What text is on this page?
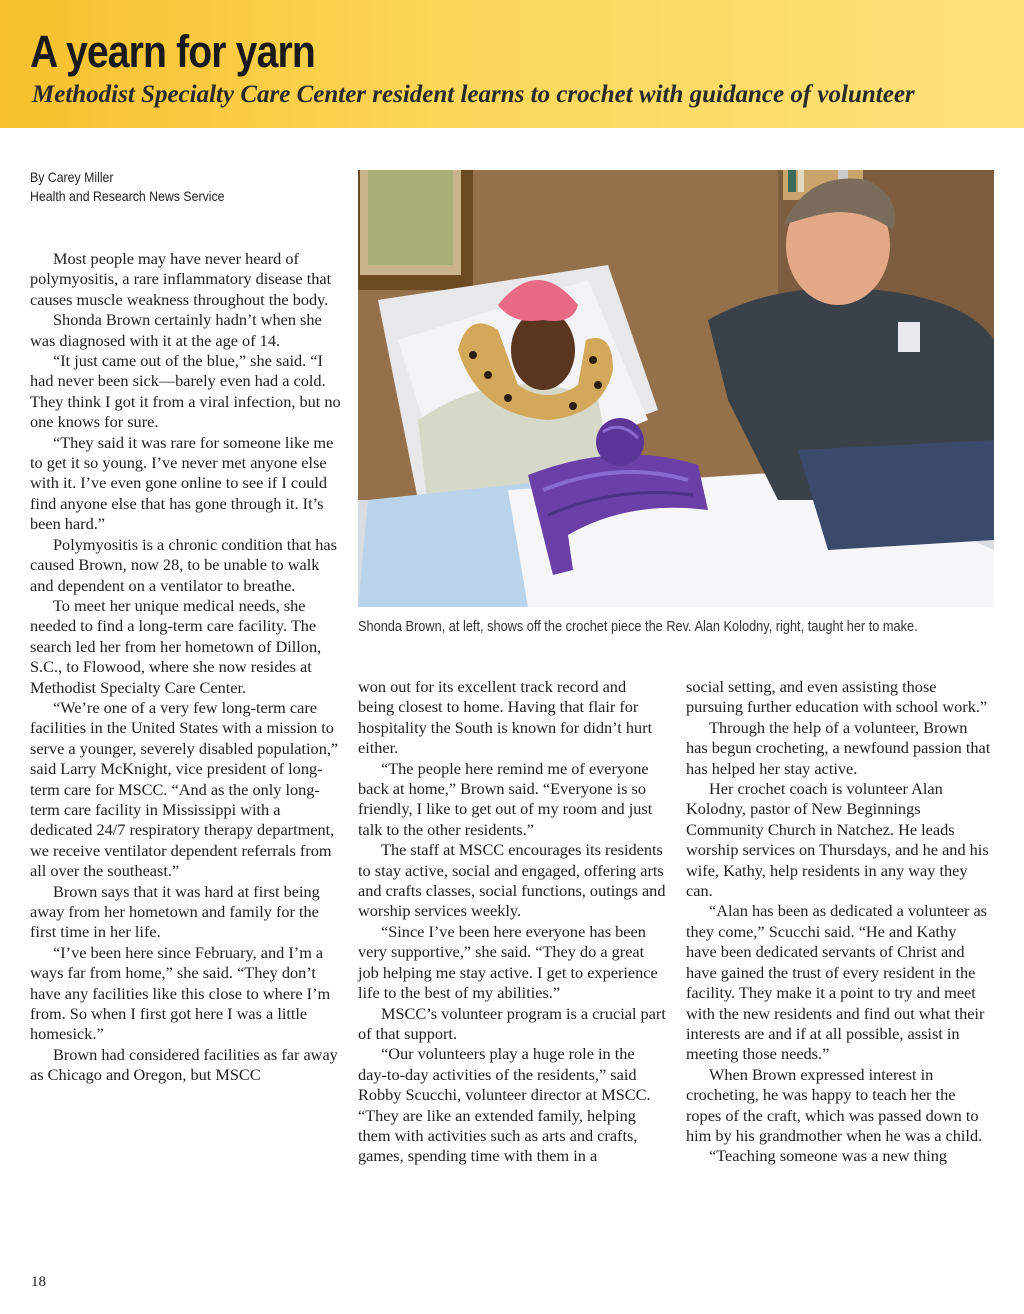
A yearn for yarn
Methodist Specialty Care Center resident learns to crochet with guidance of volunteer
By Carey Miller
Health and Research News Service

Most people may have never heard of polymyositis, a rare inflammatory disease that causes muscle weakness throughout the body.

Shonda Brown certainly hadn’t when she was diagnosed with it at the age of 14.

“It just came out of the blue,” she said. “I had never been sick—barely even had a cold. They think I got it from a viral infection, but no one knows for sure.

“They said it was rare for someone like me to get it so young. I’ve never met anyone else with it. I’ve even gone online to see if I could find anyone else that has gone through it. It’s been hard.”

Polymyositis is a chronic condition that has caused Brown, now 28, to be unable to walk and dependent on a ventilator to breathe.

To meet her unique medical needs, she needed to find a long-term care facility. The search led her from her hometown of Dillon, S.C., to Flowood, where she now resides at Methodist Specialty Care Center.

“We’re one of a very few long-term care facilities in the United States with a mission to serve a younger, severely disabled population,” said Larry McKnight, vice president of long-term care for MSCC. “And as the only long-term care facility in Mississippi with a dedicated 24/7 respiratory therapy department, we receive ventilator dependent referrals from all over the southeast.”

Brown says that it was hard at first being away from her hometown and family for the first time in her life.

“I’ve been here since February, and I’m a ways far from home,” she said. “They don’t have any facilities like this close to where I’m from. So when I first got here I was a little homesick.”

Brown had considered facilities as far away as Chicago and Oregon, but MSCC

Shonda Brown, at left, shows off the crochet piece the Rev. Alan Kolodny, right, taught her to make.

won out for its excellent track record and being closest to home. Having that flair for hospitality the South is known for didn’t hurt either.

“The people here remind me of everyone back at home,” Brown said. “Everyone is so friendly, I like to get out of my room and just talk to the other residents.”

The staff at MSCC encourages its residents to stay active, social and engaged, offering arts and crafts classes, social functions, outings and worship services weekly.

“Since I’ve been here everyone has been very supportive,” she said. “They do a great job helping me stay active. I get to experience life to the best of my abilities.”

MSCC’s volunteer program is a crucial part of that support.

“Our volunteers play a huge role in the day-to-day activities of the residents,” said Robby Scucchi, volunteer director at MSCC. “They are like an extended family, helping them with activities such as arts and crafts, games, spending time with them in a

social setting, and even assisting those pursuing further education with school work.”

Through the help of a volunteer, Brown has begun crocheting, a newfound passion that has helped her stay active.

Her crochet coach is volunteer Alan Kolodny, pastor of New Beginnings Community Church in Natchez. He leads worship services on Thursdays, and he and his wife, Kathy, help residents in any way they can.

“Alan has been as dedicated a volunteer as they come,” Scucchi said. “He and Kathy have been dedicated servants of Christ and have gained the trust of every resident in the facility. They make it a point to try and meet with the new residents and find out what their interests are and if at all possible, assist in meeting those needs.”

When Brown expressed interest in crocheting, he was happy to teach her the ropes of the craft, which was passed down to him by his grandmother when he was a child.

“Teaching someone was a new thing

18
